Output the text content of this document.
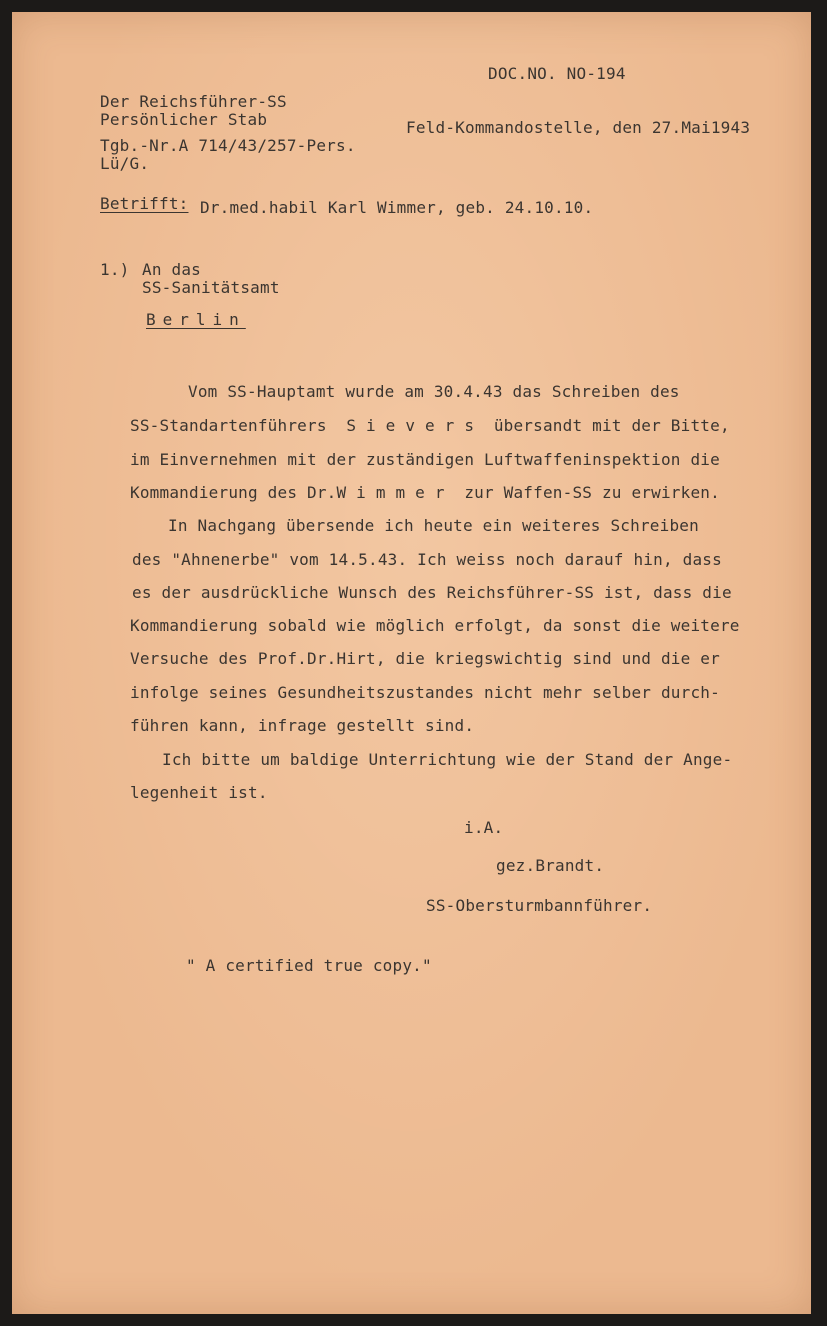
DOC.NO. NO-194
Der Reichsführer-SS
Persönlicher Stab
Tgb.-Nr.A 714/43/257-Pers.
Lü/G.
Feld-Kommandostelle, den 27.Mai1943
Betrifft: Dr.med.habil Karl Wimmer, geb. 24.10.10.
1.) An das
SS-Sanitätsamt
Berlin
Vom SS-Hauptamt wurde am 30.4.43 das Schreiben des
SS-Standartenführers  S i e v e r s  übersandt mit der Bitte,
im Einvernehmen mit der zuständigen Luftwaffeninspektion die
Kommandierung des Dr.W i m m e r  zur Waffen-SS zu erwirken.
In Nachgang übersende ich heute ein weiteres Schreiben
des "Ahnenerbe" vom 14.5.43. Ich weiss noch darauf hin, dass
es der ausdrückliche Wunsch des Reichsführer-SS ist, dass die
Kommandierung sobald wie möglich erfolgt, da sonst die weitere
Versuche des Prof.Dr.Hirt, die kriegswichtig sind und die er
infolge seines Gesundheitszustandes nicht mehr selber durch-
führen kann, infrage gestellt sind.
Ich bitte um baldige Unterrichtung wie der Stand der Ange-
legenheit ist.
i.A.
gez.Brandt.
SS-Obersturmbannführer.
" A certified true copy."
